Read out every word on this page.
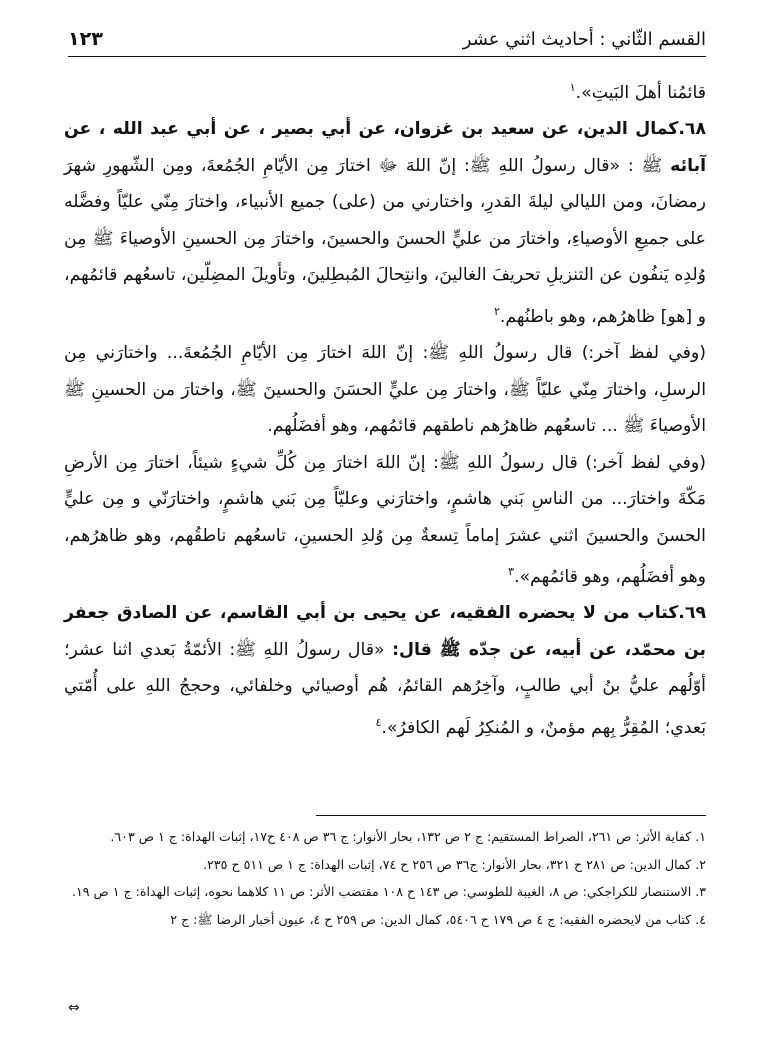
القسم الثّاني : أحاديث اثني عشر
١٢٣

قائمُنا أهلَ البَيتِ».$^١$

٦٨.كمال الدين، عن سعيد بن غزوان، عن أبي بصير ، عن أبي عبد الله ، عن آبائه ﷺ : «قال رسولُ اللهِ ﷺ: إنّ اللهَ ﷻ اختارَ مِن الأيّامِ الجُمُعةَ، ومِن الشّهورِ شهرَ رمضانَ، ومن الليالي ليلةَ القدرِ، واختارني من (على) جميع الأنبياء، واختارَ مِنّي عليّاً وفضَّله على جميعِ الأوصياءِ، واختارَ من عليٍّ الحسنَ والحسينَ، واختارَ مِن الحسينِ الأوصياءَ ﷺ مِن وُلدِه يَنفُون عن التنزيلِ تحريفَ الغالينَ، وانتِحالَ المُبطِلينَ، وتأويلَ المضِلّين، تاسعُهم قائمُهم، و [هو] ظاهرُهم، وهو باطنُهم.$^٢$

(وفي لفظ آخر:) قال رسولُ اللهِ ﷺ: إنّ اللهَ اختارَ مِن الأيّامِ الجُمُعةَ... واختارَني مِن الرسلِ، واختارَ مِنّي عليّاً ﷺ، واختارَ مِن عليٍّ الحسَنَ والحسينَ ﷺ، واختارَ من الحسينِ ﷺ الأوصياءَ ﷺ ... تاسعُهم ظاهرُهم ناطقهم قائمُهم، وهو أفضَلُهم.

(وفي لفظ آخر:) قال رسولُ اللهِ ﷺ: إنّ اللهَ اختارَ مِن كُلِّ شيءٍ شيئاً، اختارَ مِن الأرضِ مَكّةَ واختارَ... من الناسِ بَني هاشمٍ، واختارَني وعليّاً مِن بَني هاشمٍ، واختارَنّي و مِن عليٍّ الحسنَ والحسينَ اثني عشرَ إماماً تِسعةٌ مِن وُلدِ الحسينِ، تاسعُهم ناطقُهم، وهو ظاهرُهم، وهو أفضَلُهم، وهو قائمُهم».$^٣$

٦٩.كتاب من لا يحضره الفقيه، عن يحيى بن أبي القاسم، عن الصادق جعفر بن محمّد، عن أبيه، عن جدّه ﷺ قال: «قال رسولُ اللهِ ﷺ: الأئمّةُ بَعدي اثنا عشر؛ أوّلُهم عليُّ بنُ أبي طالبٍ، وآخِرُهم القائمُ، هُم أوصيائي وخلفائي، وحججُ اللهِ على أُمّتي بَعدي؛ المُقِرُّ بِهم مؤمنٌ، و المُنكِرُ لَهم الكافرُ».$^٤$

١. كفاية الأثر: ص ٢٦١، الصراط المستقيم: ج ٢ ص ١٣٢، بحار الأنوار: ج ٣٦ ص ٤٠٨ ح١٧، إثبات الهداة: ج ١ ص ٦٠٣.

٢. كمال الدين: ص ٢٨١ ح ٣٢١، بحار الأنوار: ج٣٦ ص ٢٥٦ ح ٧٤، إثبات الهداة: ج ١ ص ٥١١ ح ٢٣٥.

٣. الاستنصار للكراجكي: ص ٨، الغيبة للطوسي: ص ١٤٣ ح ١٠٨ مقتضب الأثر: ص ١١ كلاهما نحوه، إثبات الهداة: ج ١ ص ١٩.

٤. كتاب من لايحضره الفقيه: ج ٤ ص ١٧٩ ح ٥٤٠٦، كمال الدين: ص ٢٥٩ ح ٤، عيون أخبار الرضا ﷺ: ج ٢

⇔
